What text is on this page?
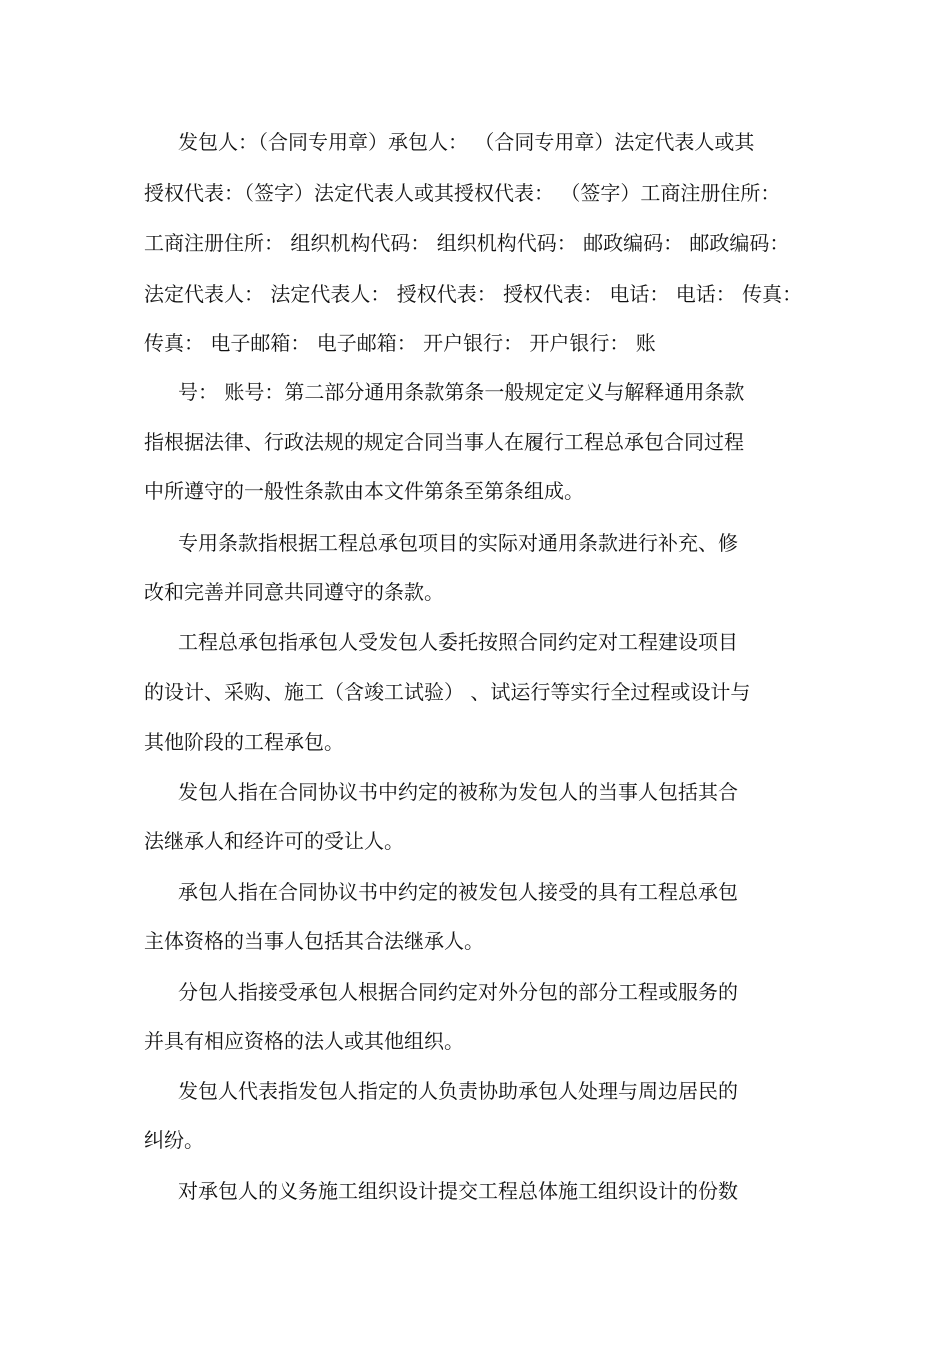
发包人：（合同专用章）承包人： （合同专用章）法定代表人或其
授权代表：（签字）法定代表人或其授权代表： （签字）工商注册住所：
工商注册住所： 组织机构代码： 组织机构代码： 邮政编码： 邮政编码：
法定代表人： 法定代表人： 授权代表： 授权代表： 电话： 电话： 传真：
传真： 电子邮箱： 电子邮箱： 开户银行： 开户银行： 账
号： 账号：第二部分通用条款第条一般规定定义与解释通用条款
指根据法律、行政法规的规定合同当事人在履行工程总承包合同过程
中所遵守的一般性条款由本文件第条至第条组成。
专用条款指根据工程总承包项目的实际对通用条款进行补充、修
改和完善并同意共同遵守的条款。
工程总承包指承包人受发包人委托按照合同约定对工程建设项目
的设计、采购、施工（含竣工试验） 、试运行等实行全过程或设计与
其他阶段的工程承包。
发包人指在合同协议书中约定的被称为发包人的当事人包括其合
法继承人和经许可的受让人。
承包人指在合同协议书中约定的被发包人接受的具有工程总承包
主体资格的当事人包括其合法继承人。
分包人指接受承包人根据合同约定对外分包的部分工程或服务的
并具有相应资格的法人或其他组织。
发包人代表指发包人指定的人负责协助承包人处理与周边居民的
纠纷。
对承包人的义务施工组织设计提交工程总体施工组织设计的份数
